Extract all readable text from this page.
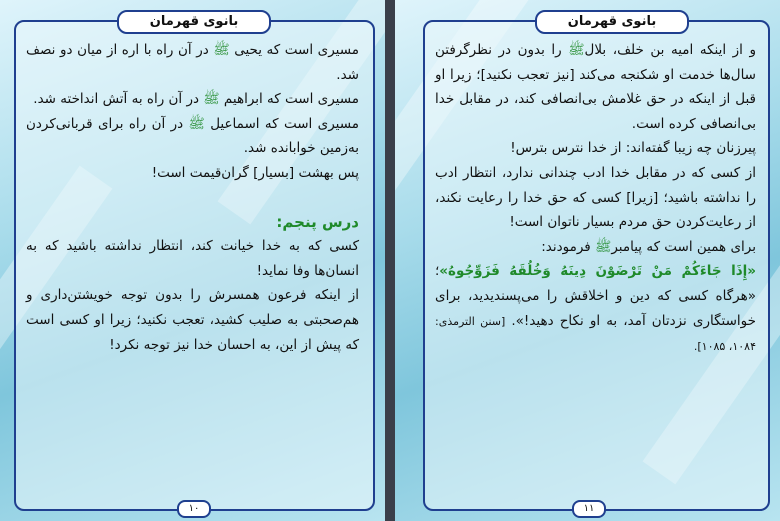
بانوی قهرمان

مسیری است که یحیی ﷺ در آن راه با اره از میان دو نصف شد.

مسیری است که ابراهیم ﷺ در آن راه به آتش انداخته شد.

مسیری است که اسماعیل ﷺ در آن راه برای قربانی‌کردن به‌زمین خوابانده شد.

پس بهشت [بسیار] گران‌قیمت است!

درس پنجم:

کسی که به خدا خیانت کند، انتظار نداشته باشید که به انسان‌ها وفا نماید!

از اینکه فرعون همسرش را بدون توجه خویشتن‌داری و هم‌صحبتی به صلیب کشید، تعجب نکنید؛ زیرا او کسی است که پیش از این، به احسان خدا نیز توجه نکرد!

۱۰
بانوی قهرمان

و از اینکه امیه بن خلف، بلالﷺ را بدون در نظرگرفتن سال‌ها خدمت او شکنجه می‌کند [نیز تعجب نکنید]؛ زیرا او قبل از اینکه در حق غلامش بی‌انصافی کند، در مقابل خدا بی‌انصافی کرده است.

پیرزنان چه زیبا گفته‌اند: از خدا نترس بترس!

از کسی که در مقابل خدا ادب چندانی ندارد، انتظار ادب را نداشته باشید؛ [زیرا] کسی که حق خدا را رعایت نکند، از رعایت‌کردن حق مردم بسیار ناتوان است!

برای همین است که پیامبرﷺ فرمودند:

«إِذَا جَاءَكُمْ مَنْ تَرْضَوْنَ دِينَهُ وَخُلُقَهُ فَزَوِّجُوهُ»؛ «هرگاه کسی که دین و اخلاقش را می‌پسندیدید، برای خواستگاری نزدتان آمد، به او نکاح دهید!». [سنن الترمذی: ۱۰۸۴، ۱۰۸۵].

۱۱
